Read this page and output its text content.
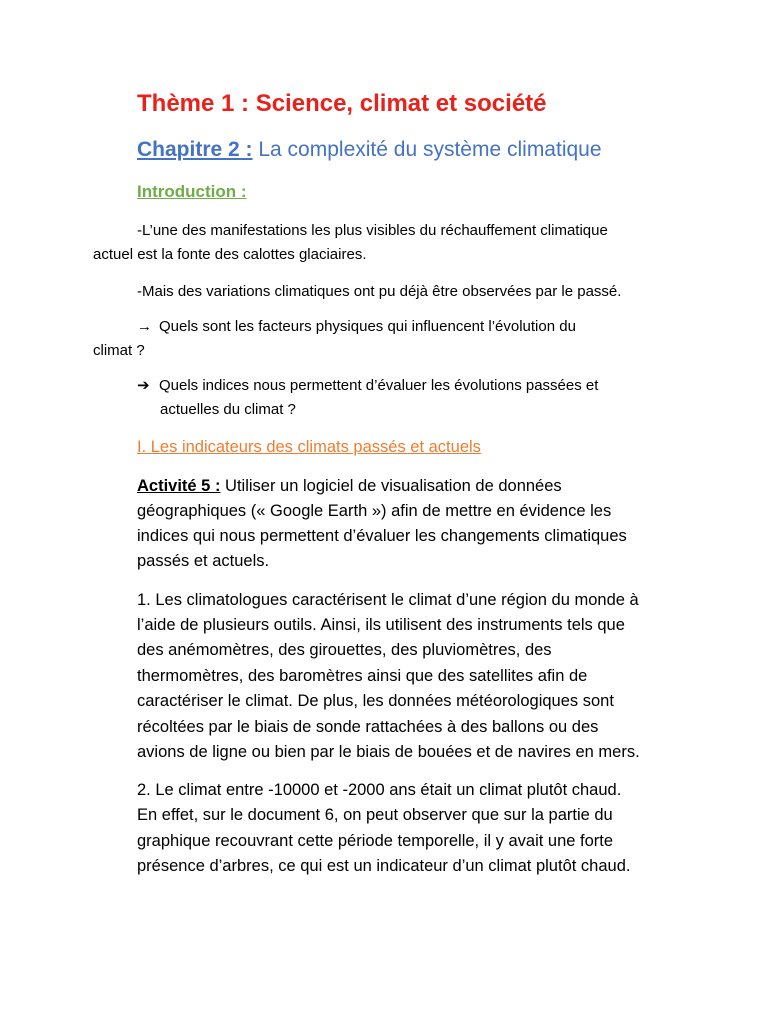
Thème 1 : Science, climat et société
Chapitre 2 : La complexité du système climatique
Introduction :
-L’une des manifestations les plus visibles du réchauffement climatique
actuel est la fonte des calottes glaciaires.
-Mais des variations climatiques ont pu déjà être observées par le passé.
→ Quels sont les facteurs physiques qui influencent l’évolution du
climat ?
➔ Quels indices nous permettent d’évaluer les évolutions passées et
actuelles du climat ?
I. Les indicateurs des climats passés et actuels
Activité 5 : Utiliser un logiciel de visualisation de données
géographiques (« Google Earth ») afin de mettre en évidence les
indices qui nous permettent d’évaluer les changements climatiques
passés et actuels.
1. Les climatologues caractérisent le climat d’une région du monde à
l’aide de plusieurs outils. Ainsi, ils utilisent des instruments tels que
des anémomètres, des girouettes, des pluviomètres, des
thermomètres, des baromètres ainsi que des satellites afin de
caractériser le climat. De plus, les données météorologiques sont
récoltées par le biais de sonde rattachées à des ballons ou des
avions de ligne ou bien par le biais de bouées et de navires en mers.
2. Le climat entre -10000 et -2000 ans était un climat plutôt chaud.
En effet, sur le document 6, on peut observer que sur la partie du
graphique recouvrant cette période temporelle, il y avait une forte
présence d’arbres, ce qui est un indicateur d’un climat plutôt chaud.
